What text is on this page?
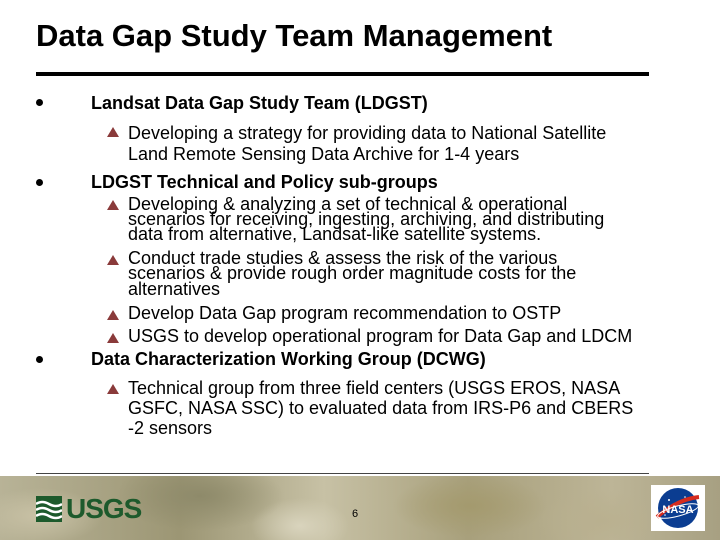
Data Gap Study Team Management
Landsat Data Gap Study Team (LDGST)
Developing a strategy for providing data to National Satellite
Land Remote Sensing Data Archive for 1-4 years
LDGST Technical and Policy sub-groups
Developing & analyzing a set of technical & operational
scenarios for receiving, ingesting, archiving, and distributing
data from alternative, Landsat-like satellite systems.
Conduct trade studies & assess the risk of the various
scenarios & provide rough order magnitude costs for the
alternatives
Develop Data Gap program recommendation to OSTP
USGS to develop operational program for Data Gap and LDCM
Data Characterization Working Group (DCWG)
Technical group from three field centers (USGS EROS, NASA
GSFC, NASA SSC) to evaluated data from IRS-P6 and CBERS
-2 sensors
USGS	6	NASA
